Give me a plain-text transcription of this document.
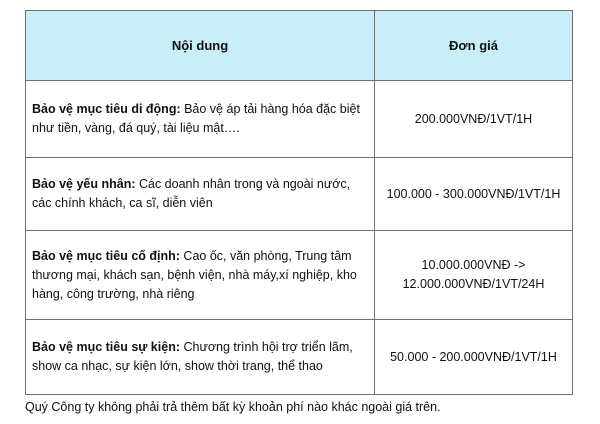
Nội dung	Đơn giá
Bảo vệ mục tiêu di động: Bảo vệ áp tải hàng hóa đặc biệt như tiền, vàng, đá quý, tài liệu mật….	200.000VNĐ/1VT/1H
Bảo vệ yếu nhân: Các doanh nhân trong và ngoài nước, các chính khách, ca sĩ, diễn viên	100.000 - 300.000VNĐ/1VT/1H
Bảo vệ mục tiêu cố định: Cao ốc, văn phòng, Trung tâm thương mại, khách sạn, bệnh viện, nhà máy,xí nghiệp, kho hàng, công trường, nhà riêng	10.000.000VNĐ ->
12.000.000VNĐ/1VT/24H
Bảo vệ mục tiêu sự kiện: Chương trình hội trợ triển lãm, show ca nhạc, sự kiện lớn, show thời trang, thể thao	50.000 - 200.000VNĐ/1VT/1H

Quý Công ty không phải trả thêm bất kỳ khoản phí nào khác ngoài giá trên.
